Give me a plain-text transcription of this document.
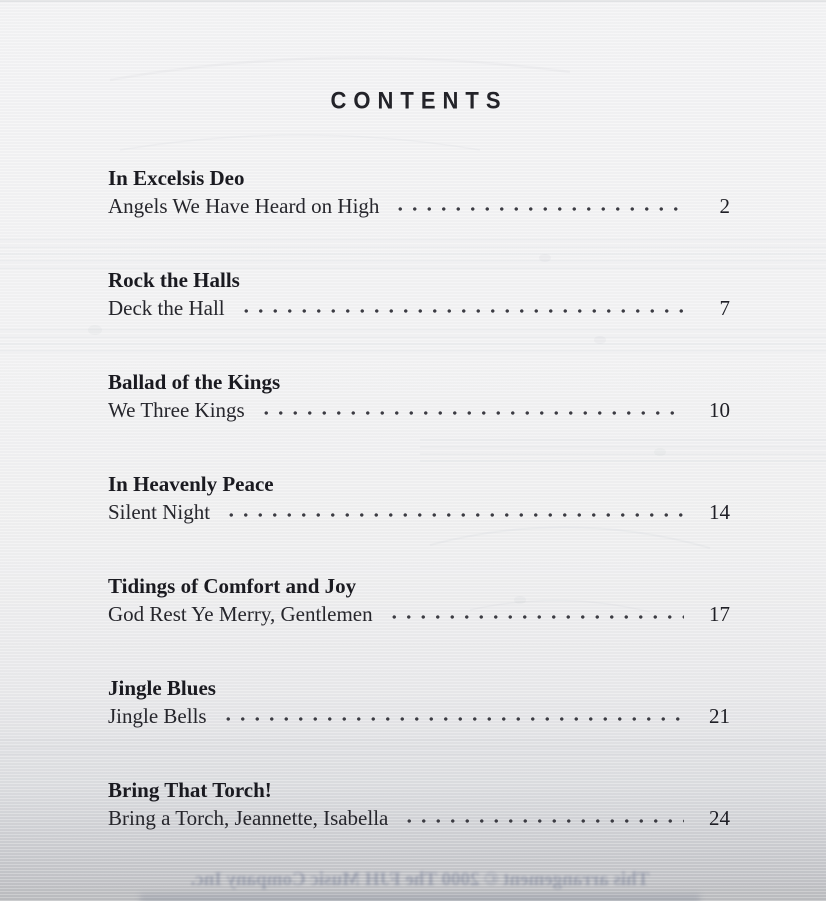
CONTENTS
In Excelsis Deo
Angels We Have Heard on High	2
Rock the Halls
Deck the Hall	7
Ballad of the Kings
We Three Kings	10
In Heavenly Peace
Silent Night	14
Tidings of Comfort and Joy
God Rest Ye Merry, Gentlemen	17
Jingle Blues
Jingle Bells	21
Bring That Torch!
Bring a Torch, Jeannette, Isabella	24
This arrangement © 2000 The FJH Music Company Inc.
